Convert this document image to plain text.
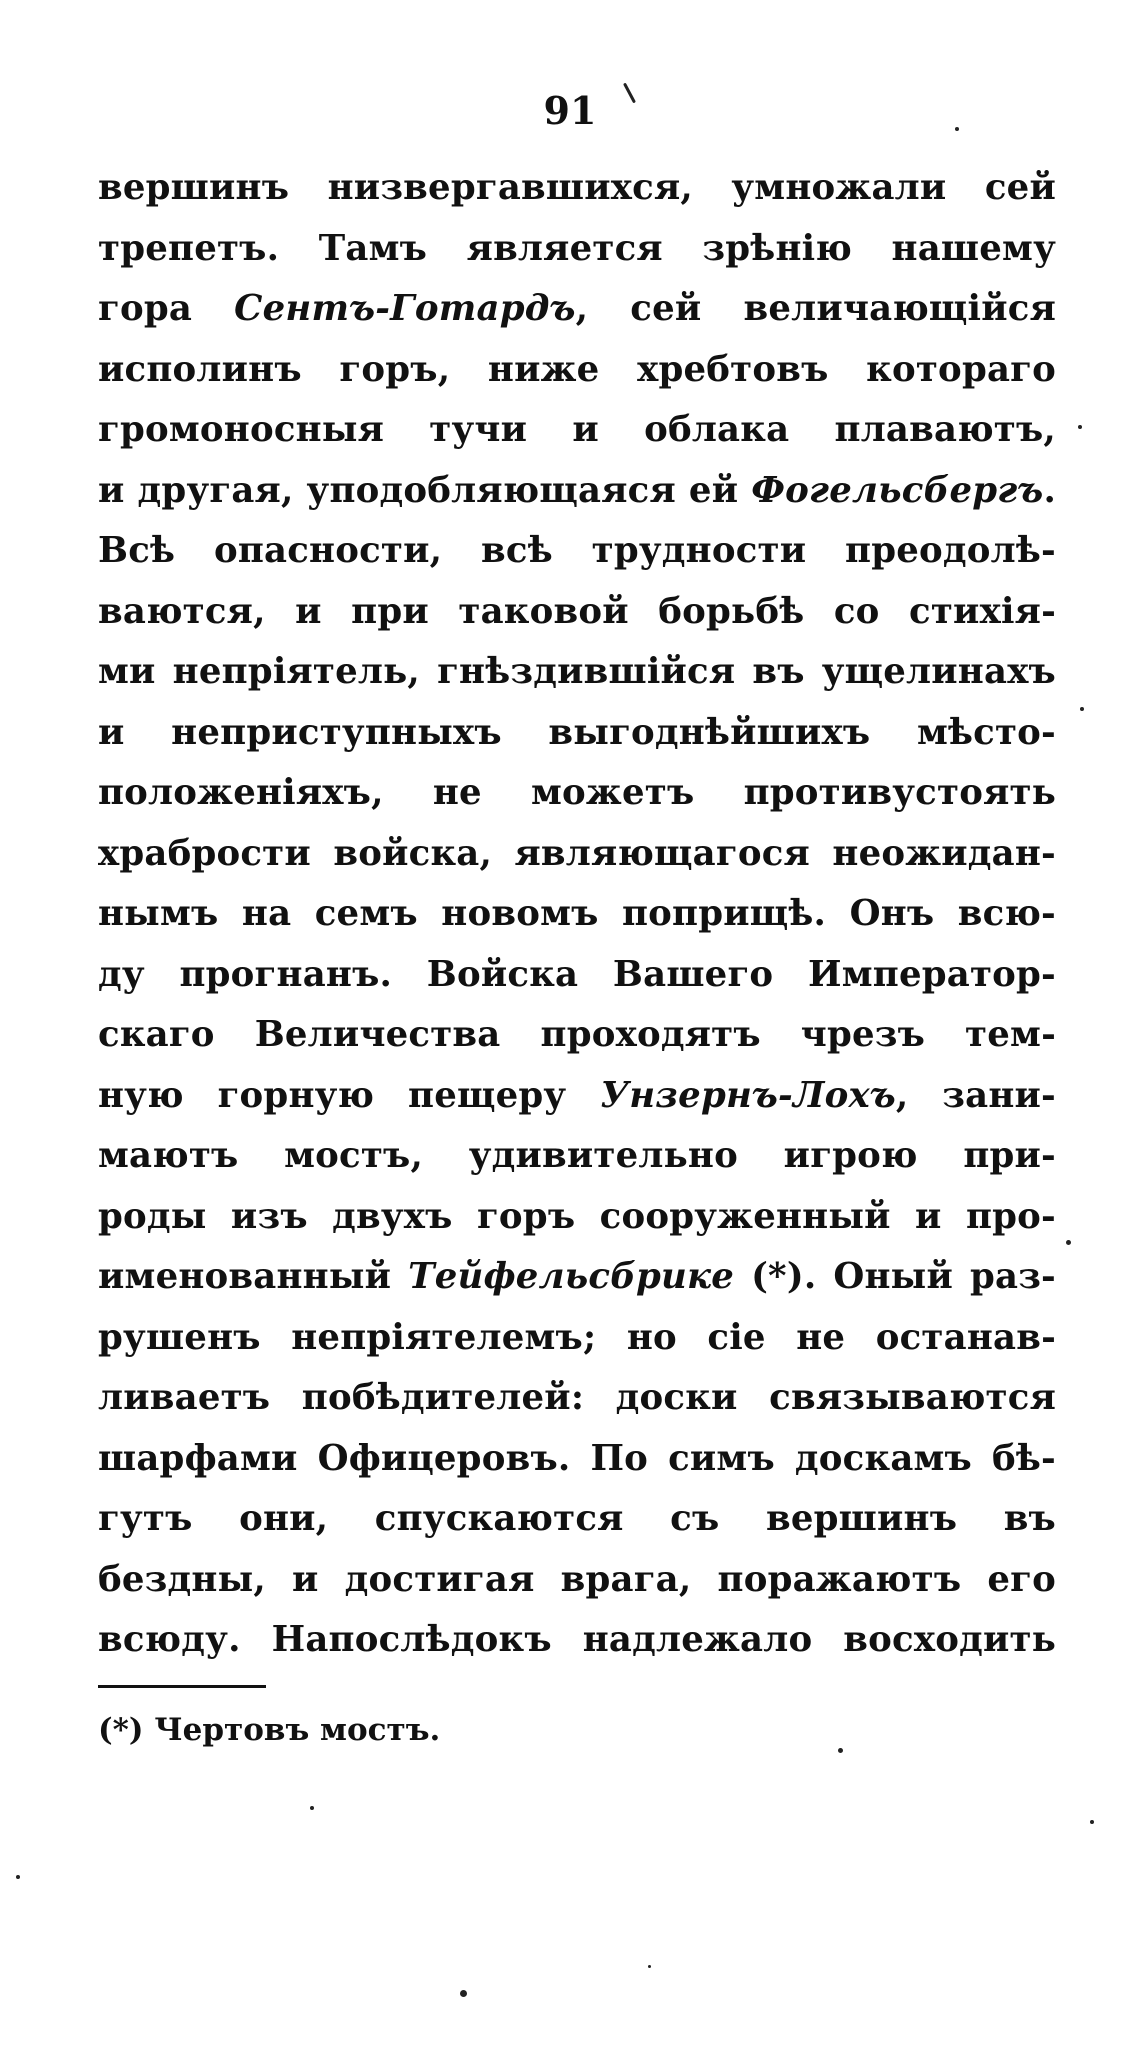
91
вершинъ низвергавшихся, умножали сей
трепетъ. Тамъ является зрѣнію нашему
гора Сентъ-Готардъ, сей величающійся
исполинъ горъ, ниже хребтовъ котораго
громоносныя тучи и облака плаваютъ,
и другая, уподобляющаяся ей Фогельсбергъ.
Всѣ опасности, всѣ трудности преодолѣ-
ваются, и при таковой борьбѣ со стихія-
ми непріятель, гнѣздившійся въ ущелинахъ
и неприступныхъ выгоднѣйшихъ мѣсто-
положеніяхъ, не можетъ противустоять
храбрости войска, являющагося неожидан-
нымъ на семъ новомъ поприщѣ. Онъ всю-
ду прогнанъ. Войска Вашего Император-
скаго Величества проходятъ чрезъ тем-
ную горную пещеру Унзернъ-Лохъ, зани-
маютъ мостъ, удивительно игрою при-
роды изъ двухъ горъ сооруженный и про-
именованный Тейфельсбрике (*). Оный раз-
рушенъ непріятелемъ; но сіе не останав-
ливаетъ побѣдителей: доски связываются
шарфами Офицеровъ. По симъ доскамъ бѣ-
гутъ они, спускаются съ вершинъ въ
бездны, и достигая врага, поражаютъ его
всюду. Напослѣдокъ надлежало восходить
(*) Чертовъ мостъ.
